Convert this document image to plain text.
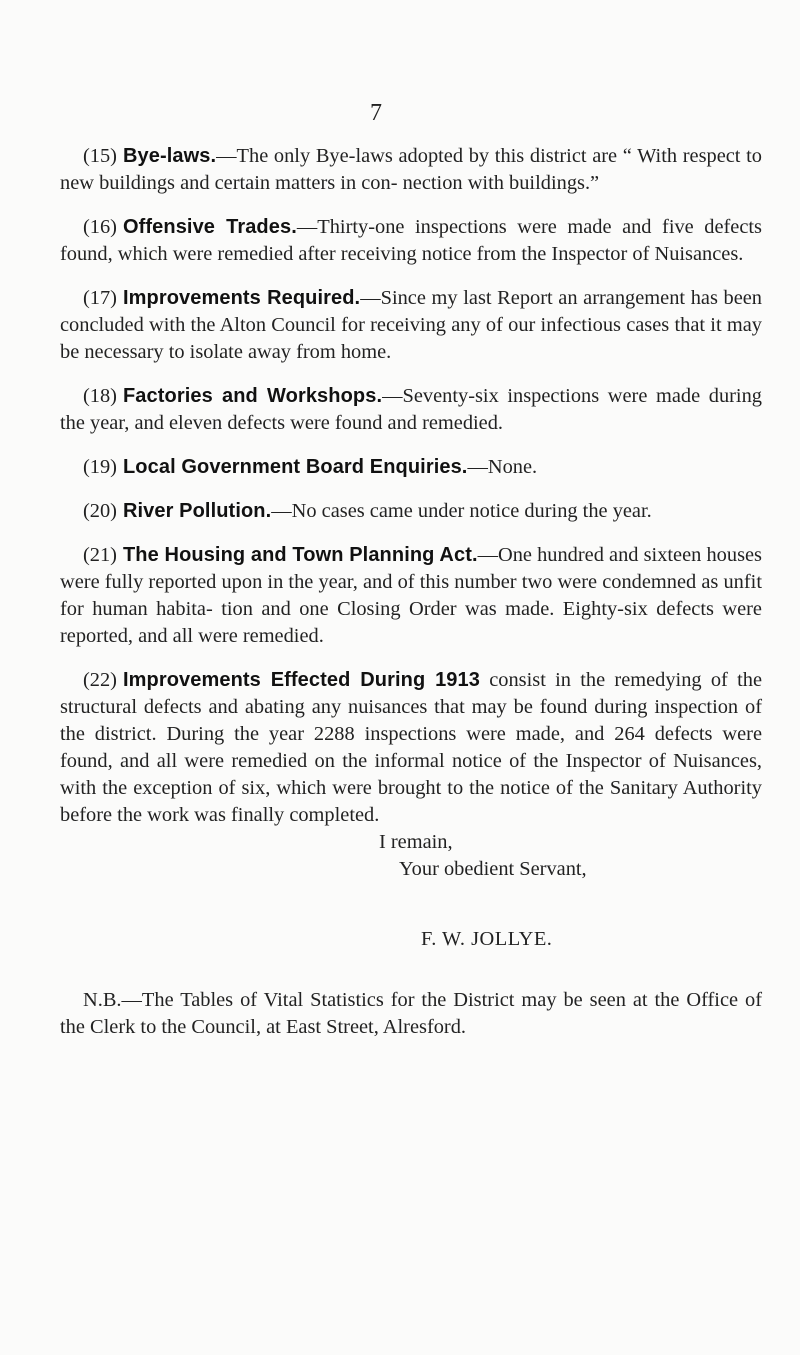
7

(15) Bye-laws.—The only Bye-laws adopted by this district are “ With respect to new buildings and certain matters in con- nection with buildings.”

(16) Offensive Trades.—Thirty-one inspections were made and five defects found, which were remedied after receiving notice from the Inspector of Nuisances.

(17) Improvements Required.—Since my last Report an arrangement has been concluded with the Alton Council for receiving any of our infectious cases that it may be necessary to isolate away from home.

(18) Factories and Workshops.—Seventy-six inspections were made during the year, and eleven defects were found and remedied.

(19) Local Government Board Enquiries.—None.

(20) River Pollution.—No cases came under notice during the year.

(21) The Housing and Town Planning Act.—One hundred and sixteen houses were fully reported upon in the year, and of this number two were condemned as unfit for human habita- tion and one Closing Order was made. Eighty-six defects were reported, and all were remedied.

(22) Improvements Effected During 1913 consist in the remedying of the structural defects and abating any nuisances that may be found during inspection of the district. During the year 2288 inspections were made, and 264 defects were found, and all were remedied on the informal notice of the Inspector of Nuisances, with the exception of six, which were brought to the notice of the Sanitary Authority before the work was finally completed.

I remain,
Your obedient Servant,
F. W. JOLLYE.

N.B.—The Tables of Vital Statistics for the District may be seen at the Office of the Clerk to the Council, at East Street, Alresford.
